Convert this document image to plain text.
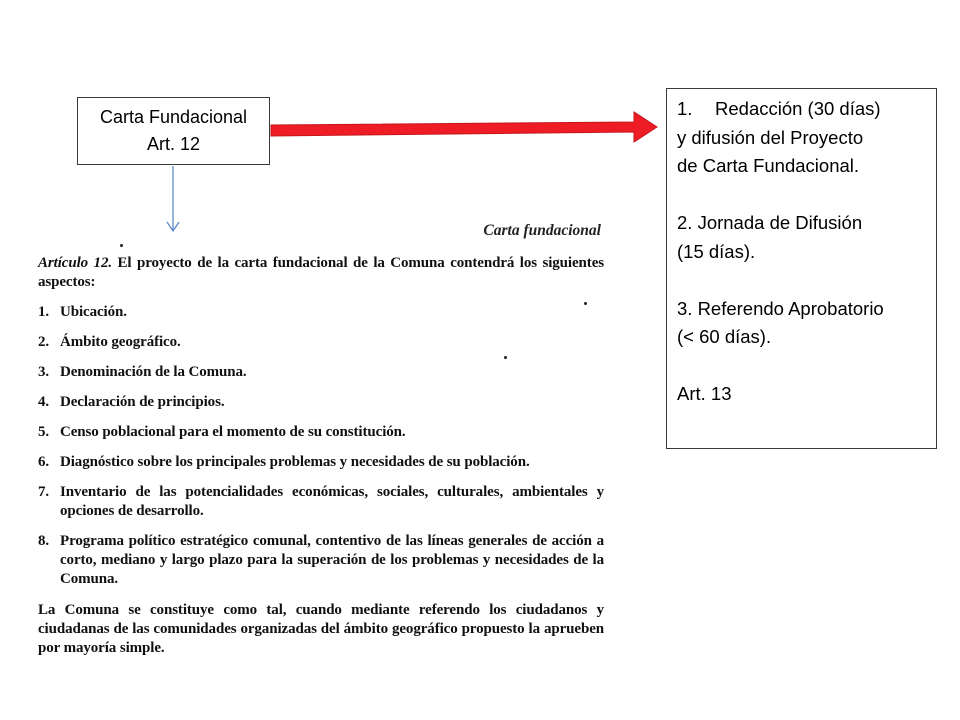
Carta Fundacional
Art. 12
1. Redacción (30 días)
y difusión del Proyecto
de Carta Fundacional.
2. Jornada de Difusión
(15 días).
3. Referendo Aprobatorio
(< 60 días).
Art. 13
Carta fundacional

Artículo 12. El proyecto de la carta fundacional de la Comuna contendrá los siguientes aspectos:

1. Ubicación.
2. Ámbito geográfico.
3. Denominación de la Comuna.
4. Declaración de principios.
5. Censo poblacional para el momento de su constitución.
6. Diagnóstico sobre los principales problemas y necesidades de su población.
7. Inventario de las potencialidades económicas, sociales, culturales, ambientales y opciones de desarrollo.
8. Programa político estratégico comunal, contentivo de las líneas generales de acción a corto, mediano y largo plazo para la superación de los problemas y necesidades de la Comuna.

La Comuna se constituye como tal, cuando mediante referendo los ciudadanos y ciudadanas de las comunidades organizadas del ámbito geográfico propuesto la aprueben por mayoría simple.
